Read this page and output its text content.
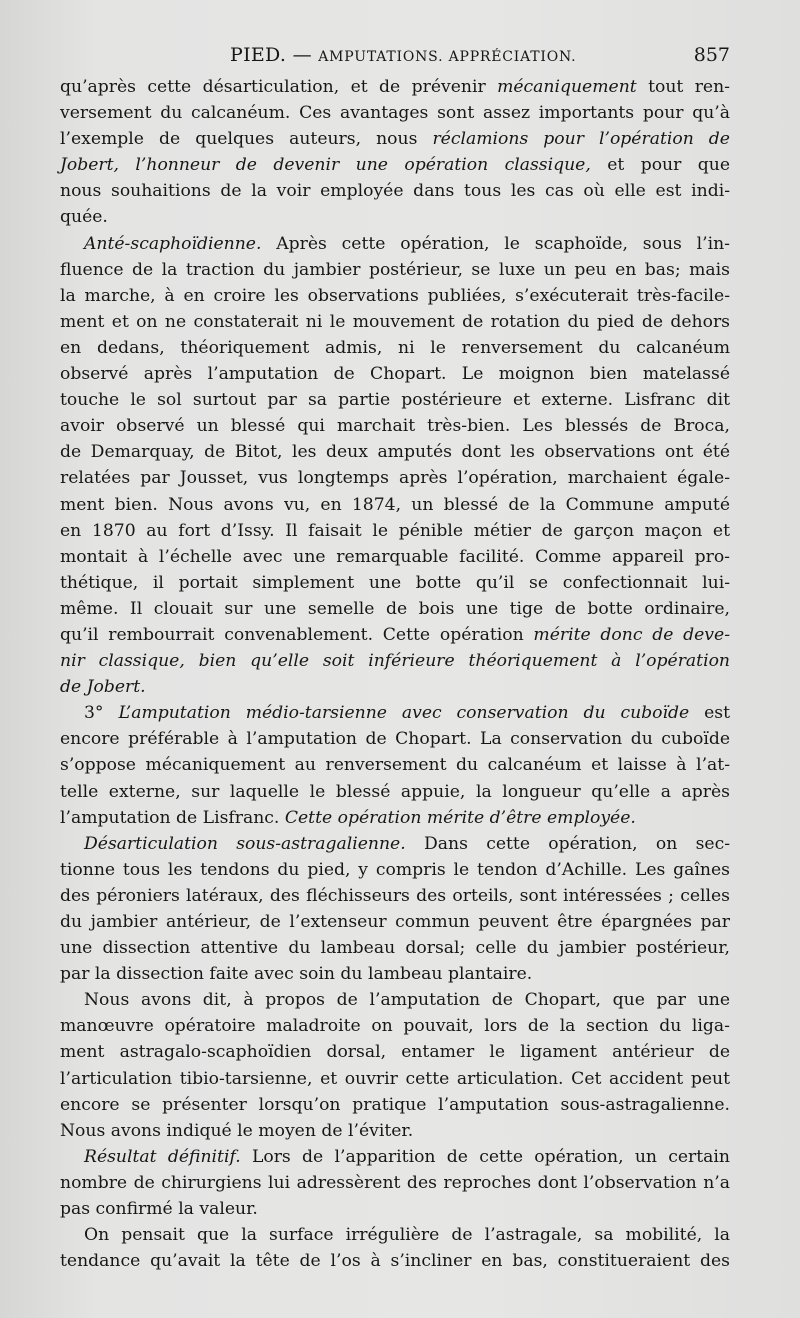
PIED. — AMPUTATIONS. APPRÉCIATION.	857
qu’après cette désarticulation, et de prévenir mécaniquement tout ren-
versement du calcanéum. Ces avantages sont assez importants pour qu’à
l’exemple de quelques auteurs, nous réclamions pour l’opération de
Jobert, l’honneur de devenir une opération classique, et pour que
nous souhaitions de la voir employée dans tous les cas où elle est indi-
quée.
Anté-scaphoïdienne. Après cette opération, le scaphoïde, sous l’in-
fluence de la traction du jambier postérieur, se luxe un peu en bas; mais
la marche, à en croire les observations publiées, s’exécuterait très-facile-
ment et on ne constaterait ni le mouvement de rotation du pied de dehors
en dedans, théoriquement admis, ni le renversement du calcanéum
observé après l’amputation de Chopart. Le moignon bien matelassé
touche le sol surtout par sa partie postérieure et externe. Lisfranc dit
avoir observé un blessé qui marchait très-bien. Les blessés de Broca,
de Demarquay, de Bitot, les deux amputés dont les observations ont été
relatées par Jousset, vus longtemps après l’opération, marchaient égale-
ment bien. Nous avons vu, en 1874, un blessé de la Commune amputé
en 1870 au fort d’Issy. Il faisait le pénible métier de garçon maçon et
montait à l’échelle avec une remarquable facilité. Comme appareil pro-
thétique, il portait simplement une botte qu’il se confectionnait lui-
même. Il clouait sur une semelle de bois une tige de botte ordinaire,
qu’il rembourrait convenablement. Cette opération mérite donc de deve-
nir classique, bien qu’elle soit inférieure théoriquement à l’opération
de Jobert.
3° L’amputation médio-tarsienne avec conservation du cuboïde est
encore préférable à l’amputation de Chopart. La conservation du cuboïde
s’oppose mécaniquement au renversement du calcanéum et laisse à l’at-
telle externe, sur laquelle le blessé appuie, la longueur qu’elle a après
l’amputation de Lisfranc. Cette opération mérite d’être employée.
Désarticulation sous-astragalienne. Dans cette opération, on sec-
tionne tous les tendons du pied, y compris le tendon d’Achille. Les gaînes
des péroniers latéraux, des fléchisseurs des orteils, sont intéressées ; celles
du jambier antérieur, de l’extenseur commun peuvent être épargnées par
une dissection attentive du lambeau dorsal; celle du jambier postérieur,
par la dissection faite avec soin du lambeau plantaire.
Nous avons dit, à propos de l’amputation de Chopart, que par une
manœuvre opératoire maladroite on pouvait, lors de la section du liga-
ment astragalo-scaphoïdien dorsal, entamer le ligament antérieur de
l’articulation tibio-tarsienne, et ouvrir cette articulation. Cet accident peut
encore se présenter lorsqu’on pratique l’amputation sous-astragalienne.
Nous avons indiqué le moyen de l’éviter.
Résultat définitif. Lors de l’apparition de cette opération, un certain
nombre de chirurgiens lui adressèrent des reproches dont l’observation n’a
pas confirmé la valeur.
On pensait que la surface irrégulière de l’astragale, sa mobilité, la
tendance qu’avait la tête de l’os à s’incliner en bas, constitueraient des
